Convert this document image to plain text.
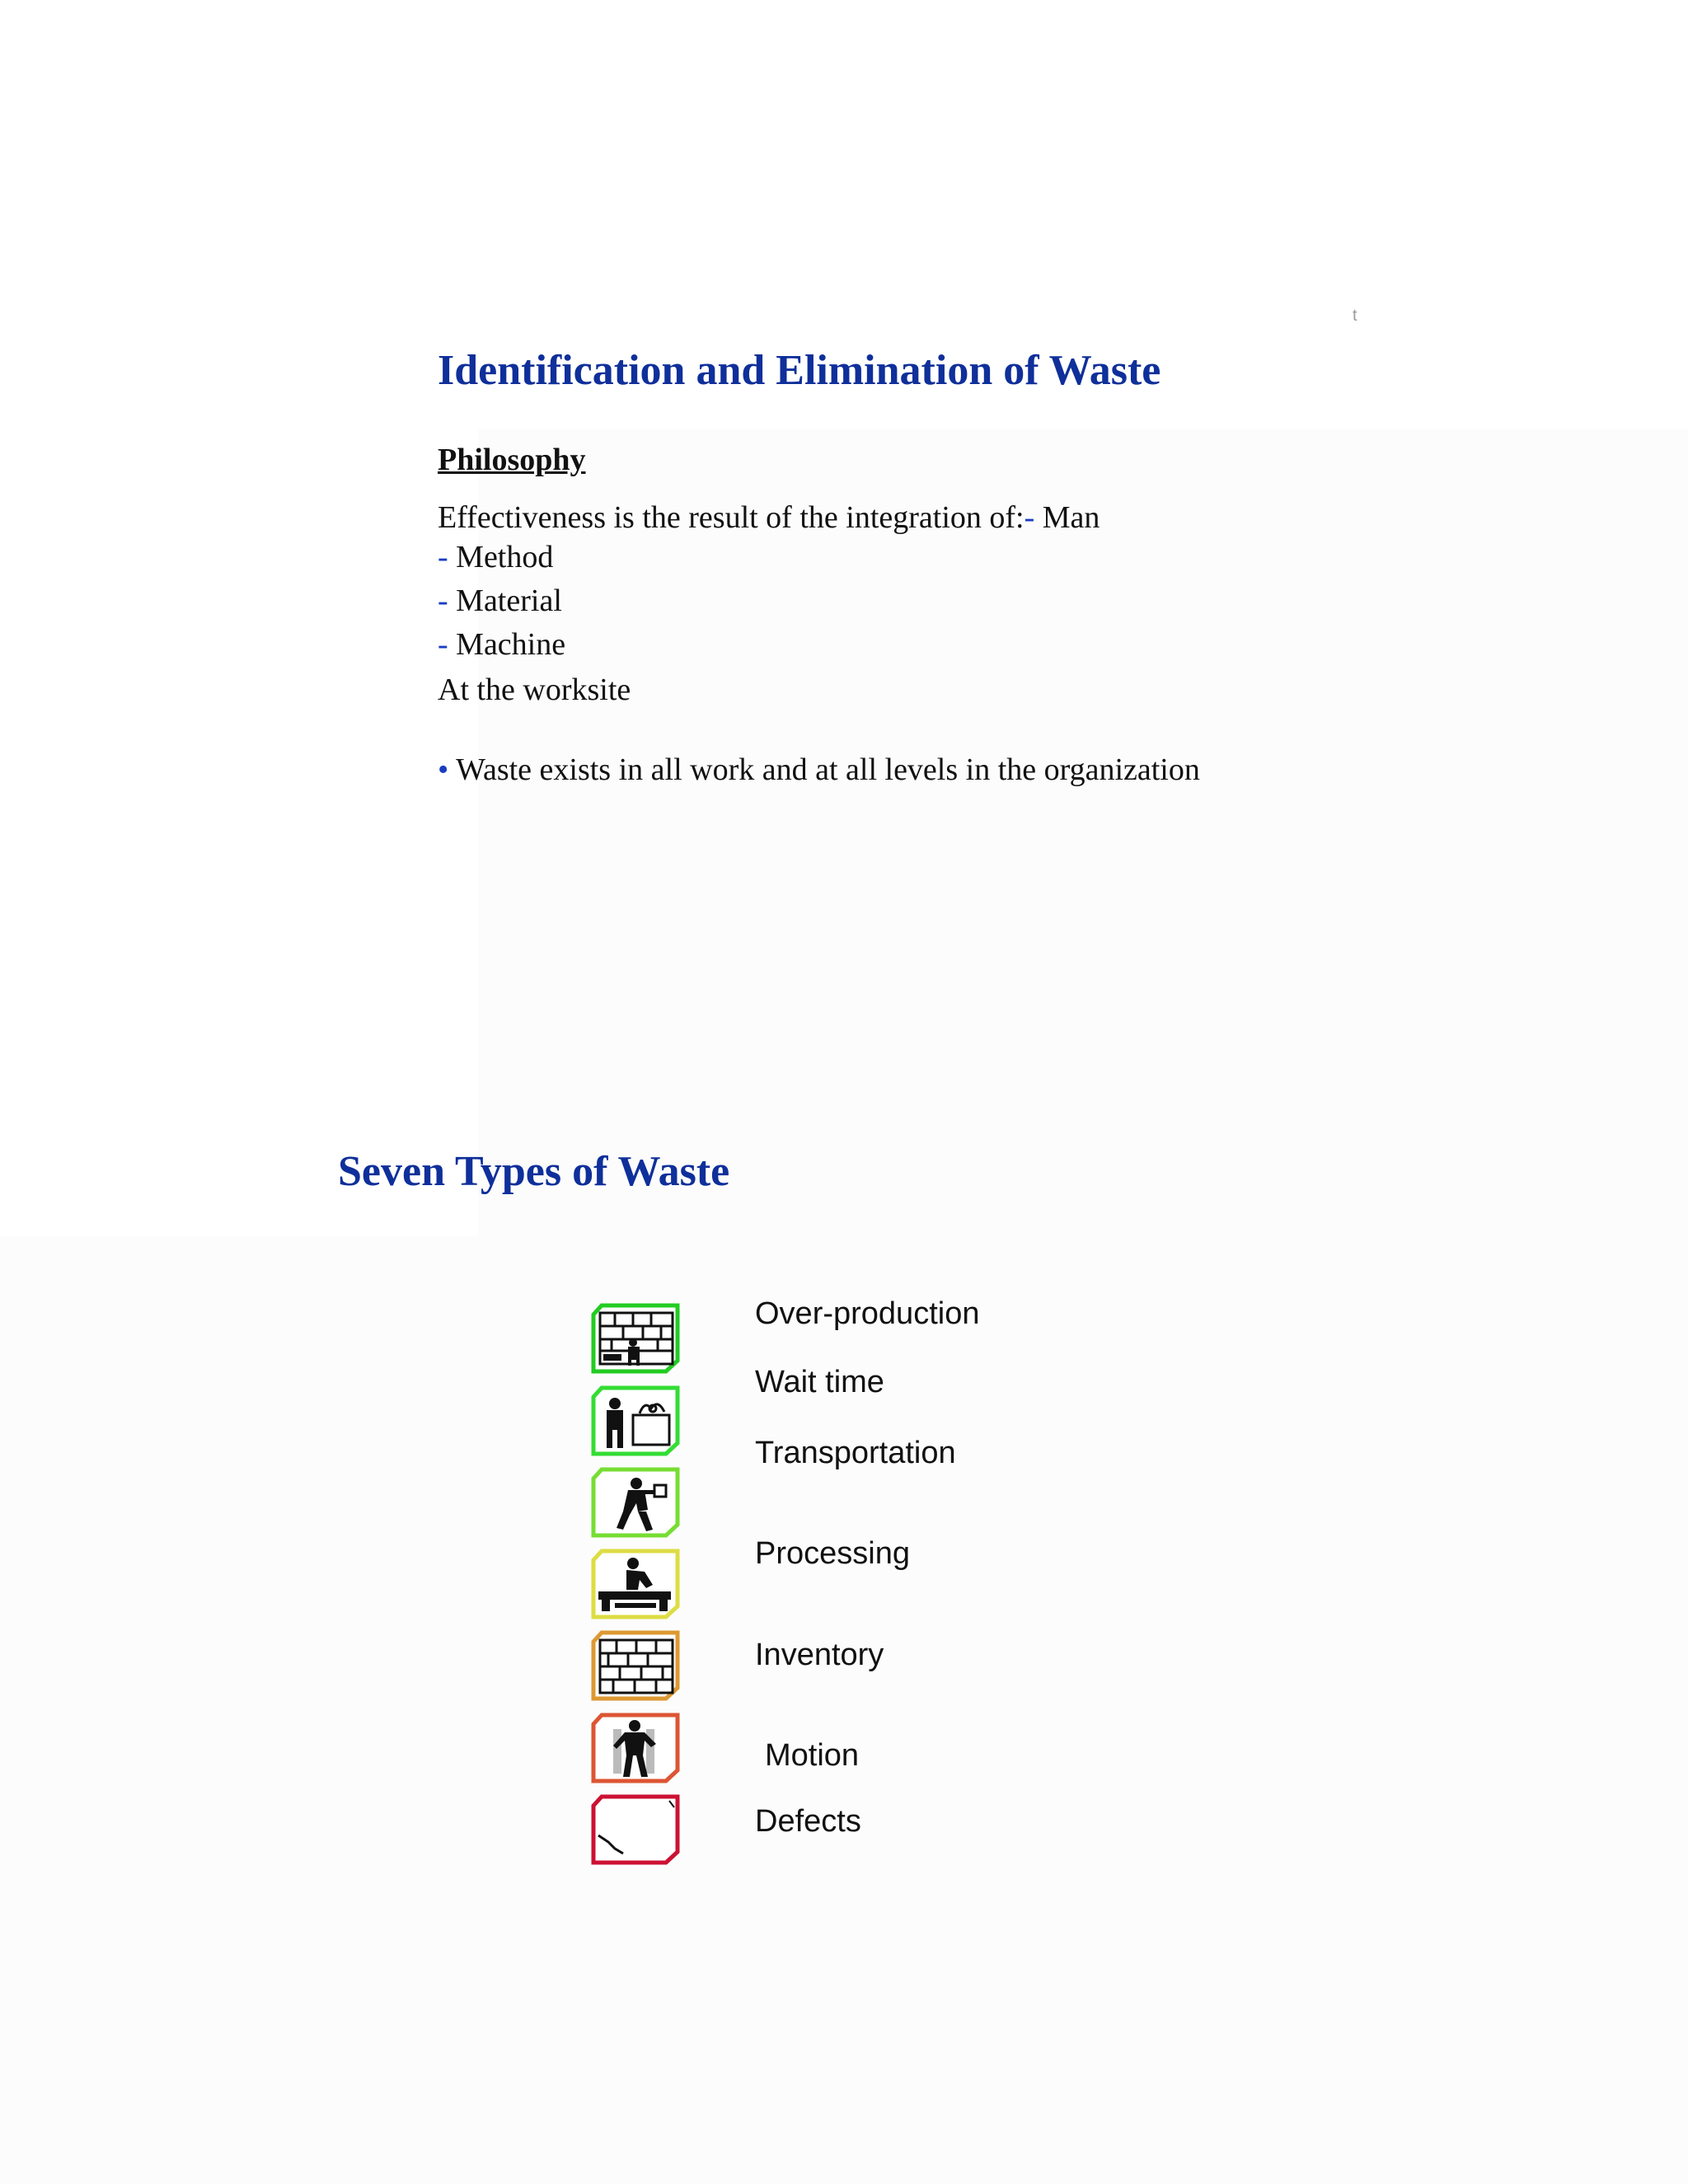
t
Identification and Elimination of Waste
Philosophy
Effectiveness is the result of the integration of:- Man
- Method
- Material
- Machine
At the worksite
• Waste exists in all work and at all levels in the organization
Seven Types of Waste
Over-production
Wait time
Transportation
Processing
Inventory
Motion
Defects
